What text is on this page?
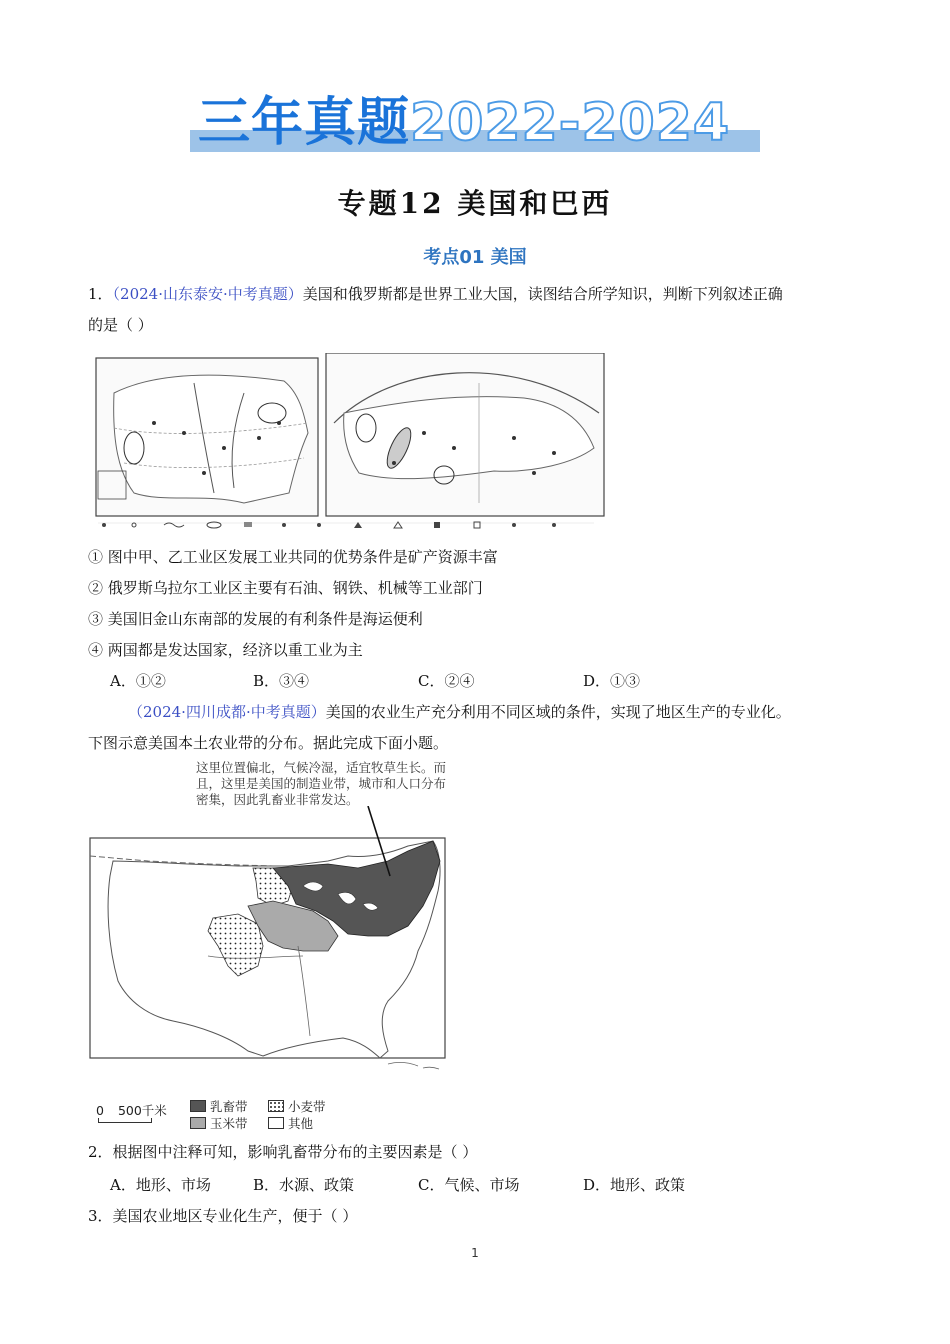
三年真题2022-2024
专题12 美国和巴西
考点01 美国
1．（2024·山东泰安·中考真题）美国和俄罗斯都是世界工业大国，读图结合所学知识，判断下列叙述正确
的是（ ）
① 图中甲、乙工业区发展工业共同的优势条件是矿产资源丰富
② 俄罗斯乌拉尔工业区主要有石油、钢铁、机械等工业部门
③ 美国旧金山东南部的发展的有利条件是海运便利
④ 两国都是发达国家，经济以重工业为主
A．①②	B．③④	C．②④	D．①③
（2024·四川成都·中考真题）美国的农业生产充分利用不同区域的条件，实现了地区生产的专业化。
下图示意美国本土农业带的分布。据此完成下面小题。
这里位置偏北，气候冷湿，适宜牧草生长。而且，这里是美国的制造业带，城市和人口分布密集，因此乳畜业非常发达。
0 500千米	乳畜带	小麦带
玉米带	其他
2．根据图中注释可知，影响乳畜带分布的主要因素是（ ）
A．地形、市场	B．水源、政策	C．气候、市场	D．地形、政策
3．美国农业地区专业化生产，便于（ ）
1
